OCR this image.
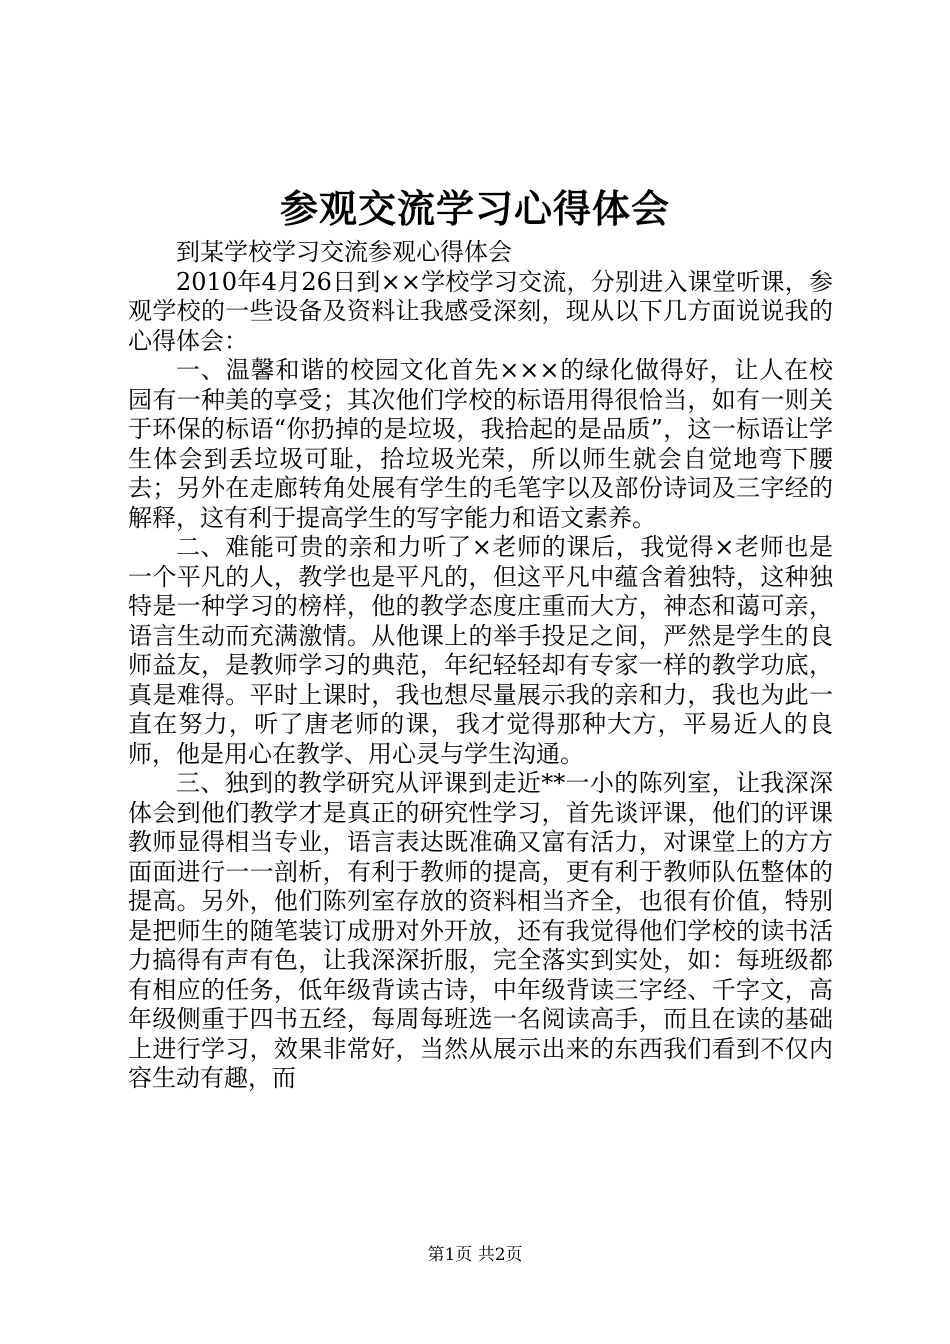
参观交流学习心得体会

到某学校学习交流参观心得体会

2010年4月26日到××学校学习交流，分别进入课堂听课，参观学校的一些设备及资料让我感受深刻，现从以下几方面说说我的心得体会：

一、温馨和谐的校园文化首先×××的绿化做得好，让人在校园有一种美的享受；其次他们学校的标语用得很恰当，如有一则关于环保的标语“你扔掉的是垃圾，我拾起的是品质”，这一标语让学生体会到丢垃圾可耻，拾垃圾光荣，所以师生就会自觉地弯下腰去；另外在走廊转角处展有学生的毛笔字以及部份诗词及三字经的解释，这有利于提高学生的写字能力和语文素养。

二、难能可贵的亲和力听了×老师的课后，我觉得×老师也是一个平凡的人，教学也是平凡的，但这平凡中蕴含着独特，这种独特是一种学习的榜样，他的教学态度庄重而大方，神态和蔼可亲，语言生动而充满激情。从他课上的举手投足之间，严然是学生的良师益友，是教师学习的典范，年纪轻轻却有专家一样的教学功底，真是难得。平时上课时，我也想尽量展示我的亲和力，我也为此一直在努力，听了唐老师的课，我才觉得那种大方，平易近人的良师，他是用心在教学、用心灵与学生沟通。

三、独到的教学研究从评课到走近**一小的陈列室，让我深深体会到他们教学才是真正的研究性学习，首先谈评课，他们的评课教师显得相当专业，语言表达既准确又富有活力，对课堂上的方方面面进行一一剖析，有利于教师的提高，更有利于教师队伍整体的提高。另外，他们陈列室存放的资料相当齐全，也很有价值，特别是把师生的随笔装订成册对外开放，还有我觉得他们学校的读书活力搞得有声有色，让我深深折服，完全落实到实处，如：每班级都有相应的任务，低年级背读古诗，中年级背读三字经、千字文，高年级侧重于四书五经，每周每班选一名阅读高手，而且在读的基础上进行学习，效果非常好，当然从展示出来的东西我们看到不仅内容生动有趣，而

第1页 共2页
